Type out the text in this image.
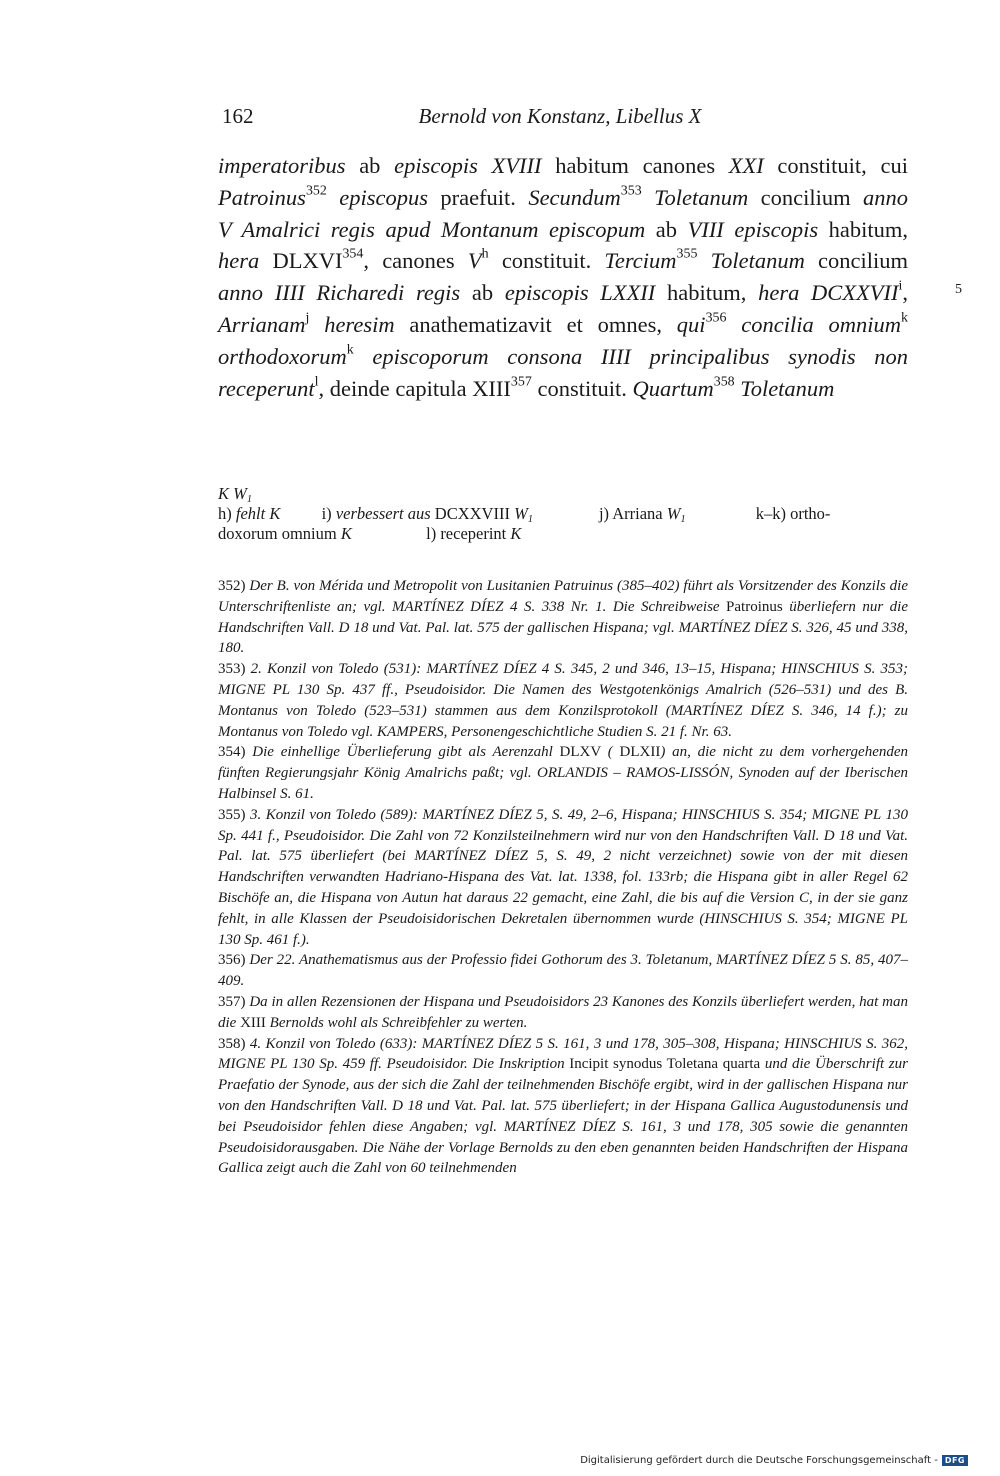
162	Bernold von Konstanz, Libellus X
imperatoribus ab episcopis XVIII habitum canones XXI constituit, cui
Patroinus$^{352}$ episcopus praefuit. Secundum$^{353}$ Toletanum concilium anno
V Amalrici regis apud Montanum episcopum ab VIII episcopis habitum,
hera DLXVI$^{354}$, canones $V^h$ constituit. Tercium$^{355}$ Toletanum concilium
anno IIII Richaredi regis ab episcopis LXXII habitum, hera DCXXVII$^i$,
Arrianam$^j$ heresim anathematizavit et omnes, qui$^{356}$ concilia omnium$^k$
orthodoxorum$^k$ episcoporum consona IIII principalibus synodis non
receperunt$^l$, deinde capitula XIII$^{357}$ constituit. Quartum$^{358}$ Toletanum
5
K $W_1$
h) fehlt K          i) verbessert aus DCXXVIII $W_1$                j) Arriana $W_1$                 k–k) ortho-
doxorum omnium K                  l) receperint K

352) Der B. von Mérida und Metropolit von Lusitanien Patruinus (385–402) führt als Vorsitzender des Konzils die Unterschriftenliste an; vgl. MARTÍNEZ DÍEZ 4 S. 338 Nr. 1. Die Schreibweise Patroinus überliefern nur die Handschriften Vall. D 18 und Vat. Pal. lat. 575 der gallischen Hispana; vgl. MARTÍNEZ DÍEZ S. 326, 45 und 338, 180.

353) 2. Konzil von Toledo (531): MARTÍNEZ DÍEZ 4 S. 345, 2 und 346, 13–15, Hispana; HINSCHIUS S. 353; MIGNE PL 130 Sp. 437 ff., Pseudoisidor. Die Namen des Westgotenkönigs Amalrich (526–531) und des B. Montanus von Toledo (523–531) stammen aus dem Konzilsprotokoll (MARTÍNEZ DÍEZ S. 346, 14 f.); zu Montanus von Toledo vgl. KAMPERS, Personengeschichtliche Studien S. 21 f. Nr. 63.

354) Die einhellige Überlieferung gibt als Aerenzahl DLXV ( DLXII) an, die nicht zu dem vorhergehenden fünften Regierungsjahr König Amalrichs paßt; vgl. ORLANDIS – RAMOS-LISSÓN, Synoden auf der Iberischen Halbinsel S. 61.

355) 3. Konzil von Toledo (589): MARTÍNEZ DÍEZ 5, S. 49, 2–6, Hispana; HINSCHIUS S. 354; MIGNE PL 130 Sp. 441 f., Pseudoisidor. Die Zahl von 72 Konzilsteilnehmern wird nur von den Handschriften Vall. D 18 und Vat. Pal. lat. 575 überliefert (bei MARTÍNEZ DÍEZ 5, S. 49, 2 nicht verzeichnet) sowie von der mit diesen Handschriften verwandten Hadriano-Hispana des Vat. lat. 1338, fol. 133rb; die Hispana gibt in aller Regel 62 Bischöfe an, die Hispana von Autun hat daraus 22 gemacht, eine Zahl, die bis auf die Version C, in der sie ganz fehlt, in alle Klassen der Pseudoisidorischen Dekretalen übernommen wurde (HINSCHIUS S. 354; MIGNE PL 130 Sp. 461 f.).

356) Der 22. Anathematismus aus der Professio fidei Gothorum des 3. Toletanum, MARTÍNEZ DÍEZ 5 S. 85, 407–409.

357) Da in allen Rezensionen der Hispana und Pseudoisidors 23 Kanones des Konzils überliefert werden, hat man die XIII Bernolds wohl als Schreibfehler zu werten.

358) 4. Konzil von Toledo (633): MARTÍNEZ DÍEZ 5 S. 161, 3 und 178, 305–308, Hispana; HINSCHIUS S. 362, MIGNE PL 130 Sp. 459 ff. Pseudoisidor. Die Inskription Incipit synodus Toletana quarta und die Überschrift zur Praefatio der Synode, aus der sich die Zahl der teilnehmenden Bischöfe ergibt, wird in der gallischen Hispana nur von den Handschriften Vall. D 18 und Vat. Pal. lat. 575 überliefert; in der Hispana Gallica Augustodunensis und bei Pseudoisidor fehlen diese Angaben; vgl. MARTÍNEZ DÍEZ S. 161, 3 und 178, 305 sowie die genannten Pseudoisidorausgaben. Die Nähe der Vorlage Bernolds zu den eben genannten beiden Handschriften der Hispana Gallica zeigt auch die Zahl von 60 teilnehmenden

Digitalisierung gefördert durch die Deutsche Forschungsgemeinschaft - DFG
